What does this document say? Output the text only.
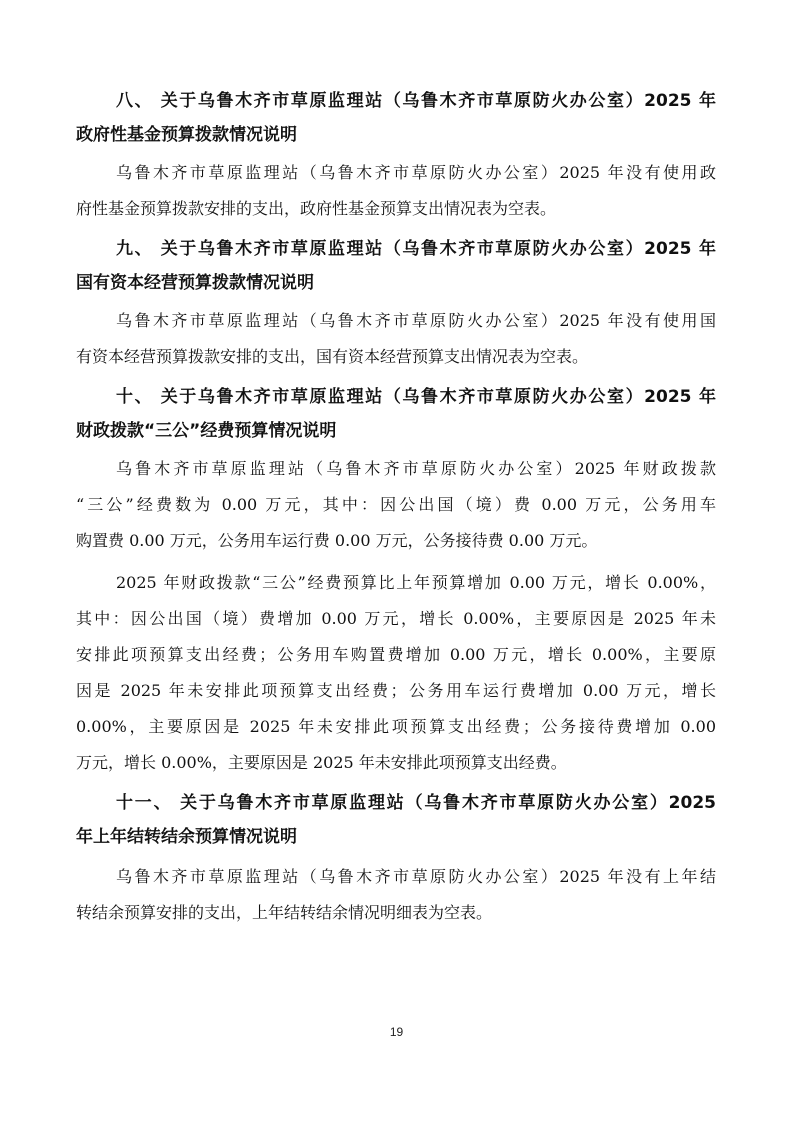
八、 关于乌鲁木齐市草原监理站（乌鲁木齐市草原防火办公室）2025 年
政府性基金预算拨款情况说明
乌鲁木齐市草原监理站（乌鲁木齐市草原防火办公室）2025 年没有使用政
府性基金预算拨款安排的支出，政府性基金预算支出情况表为空表。
九、 关于乌鲁木齐市草原监理站（乌鲁木齐市草原防火办公室）2025 年
国有资本经营预算拨款情况说明
乌鲁木齐市草原监理站（乌鲁木齐市草原防火办公室）2025 年没有使用国
有资本经营预算拨款安排的支出，国有资本经营预算支出情况表为空表。
十、 关于乌鲁木齐市草原监理站（乌鲁木齐市草原防火办公室）2025 年
财政拨款“三公”经费预算情况说明
乌鲁木齐市草原监理站（乌鲁木齐市草原防火办公室）2025 年财政拨款
“三公”经费数为 0.00 万元，其中：因公出国（境）费 0.00 万元，公务用车
购置费 0.00 万元，公务用车运行费 0.00 万元，公务接待费 0.00 万元。
2025 年财政拨款“三公”经费预算比上年预算增加 0.00 万元，增长 0.00%，
其中：因公出国（境）费增加 0.00 万元，增长 0.00%，主要原因是 2025 年未
安排此项预算支出经费；公务用车购置费增加 0.00 万元，增长 0.00%，主要原
因是 2025 年未安排此项预算支出经费；公务用车运行费增加 0.00 万元，增长
0.00%，主要原因是 2025 年未安排此项预算支出经费；公务接待费增加 0.00
万元，增长 0.00%，主要原因是 2025 年未安排此项预算支出经费。
十一、 关于乌鲁木齐市草原监理站（乌鲁木齐市草原防火办公室）2025
年上年结转结余预算情况说明
乌鲁木齐市草原监理站（乌鲁木齐市草原防火办公室）2025 年没有上年结
转结余预算安排的支出，上年结转结余情况明细表为空表。
19
